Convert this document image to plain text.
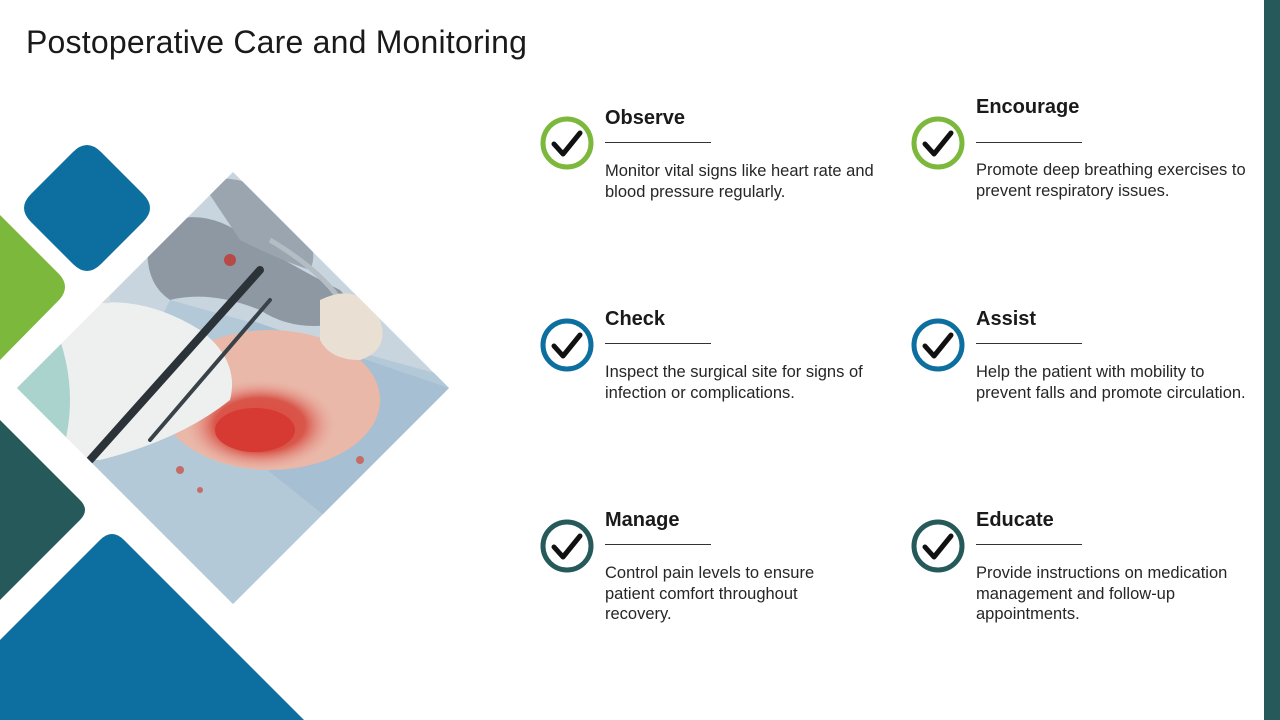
Postoperative Care and Monitoring

Observe

Monitor vital signs like heart rate and blood pressure regularly.

Encourage

Promote deep breathing exercises to prevent respiratory issues.

Check

Inspect the surgical site for signs of infection or complications.

Assist

Help the patient with mobility to prevent falls and promote circulation.

Manage

Control pain levels to ensure patient comfort throughout recovery.

Educate

Provide instructions on medication management and follow-up appointments.
